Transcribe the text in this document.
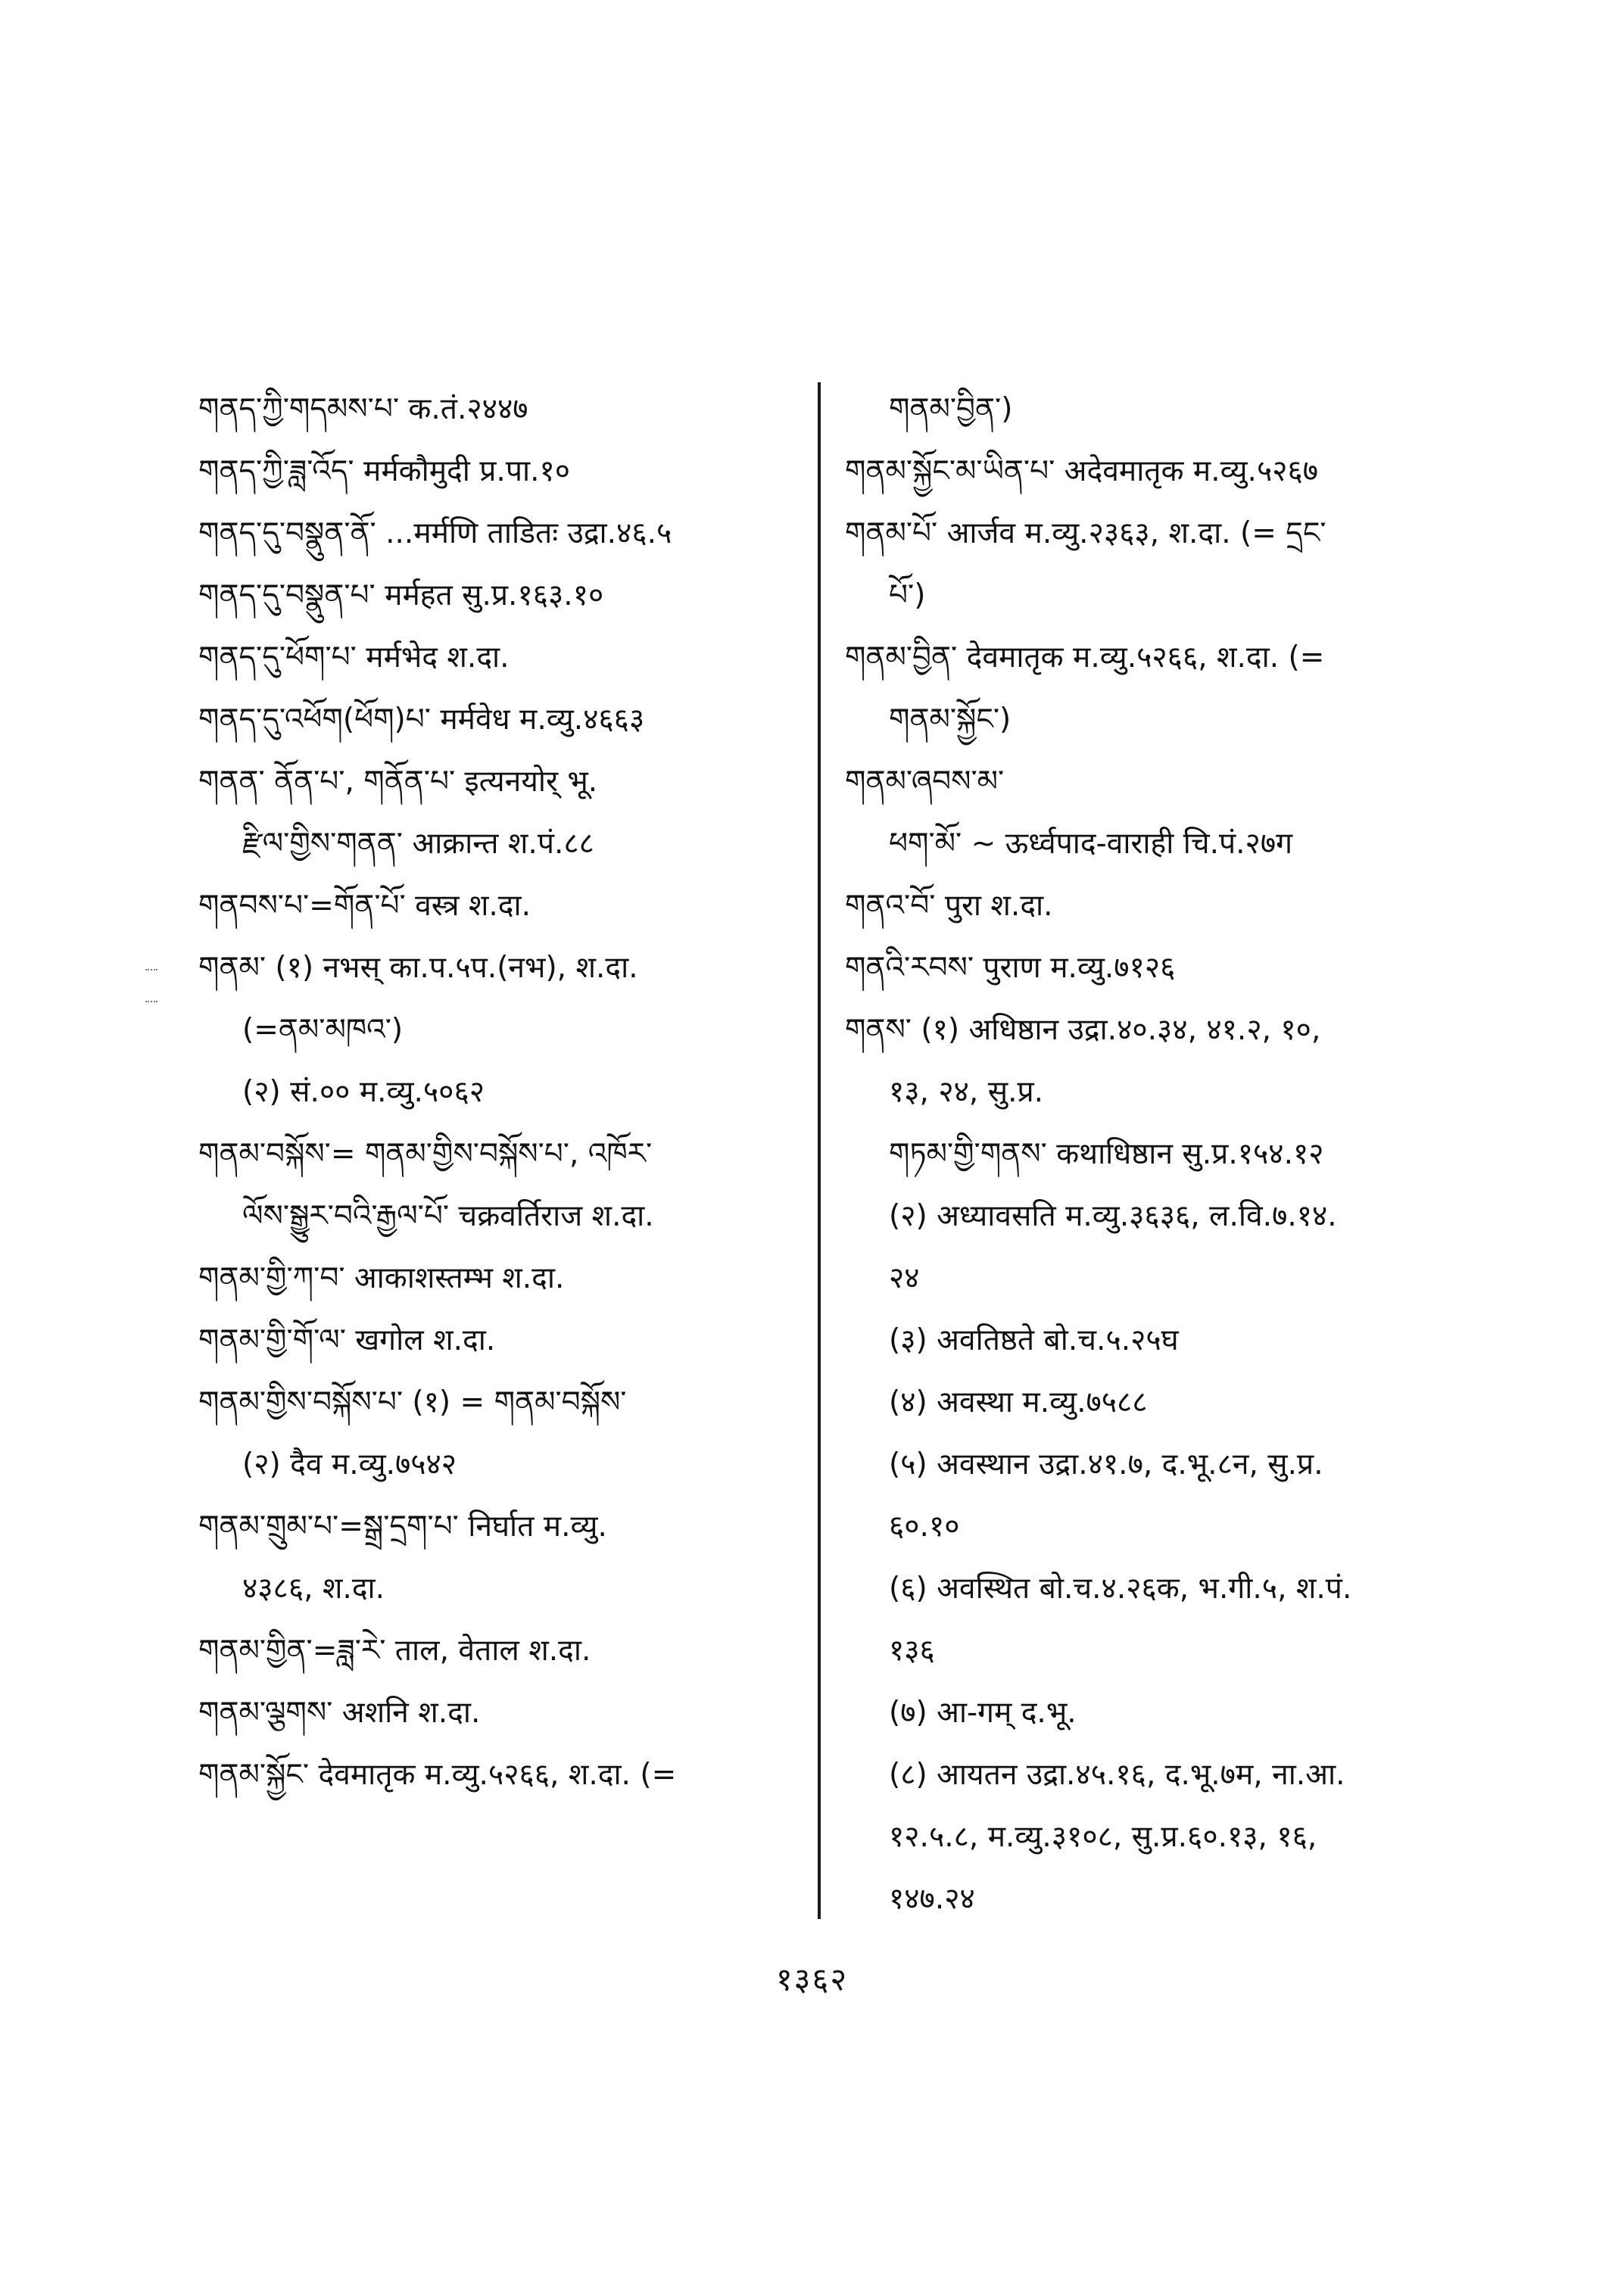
གནད་ཀྱི་གདམས་པ་ क.तं.२४४७

གནད་ཀྱི་ཟླ་འོད་ मर्मकौमुदी प्र.पा.१०

གནད་དུ་བསྣུན་ནོ་ ...मर्मणि ताडितः उद्रा.४६.५

གནད་དུ་བསྣུན་པ་ मर्महत सु.प्र.१६३.१०

གནད་དུ་ཕོག་པ་ मर्मभेद श.दा.

གནད་དུ་འཕོག(ཕོག)པ་ मर्मवेध म.व्यु.४६६३

གནན་ ནོན་པ་, གནོན་པ་ इत्यनयोर् भू.

རྫིལ་གྱིས་གནན་ आक्रान्त श.पं.८८

གནབས་པ་=གོན་པོ་ वस्त्र श.दा.

གནམ་ (१) नभस् का.प.५प.(नभ), श.दा.

(=ནམ་མཁའ་)

(२) सं.०० म.व्यु.५०६२

གནམ་བསྐོས་= གནམ་གྱིས་བསྐོས་པ་, འཁོར་

ལོས་སྒྱུར་བའི་རྒྱལ་པོ་ चक्रवर्तिराज श.दा.

གནམ་གྱི་ཀ་བ་ आकाशस्तम्भ श.दा.

གནམ་གྱི་གོ་ལ་ खगोल श.दा.

གནམ་གྱིས་བསྐོས་པ་ (१) = གནམ་བསྐོས་

(२) दैव म.व्यु.७५४२

གནམ་གྲུམ་པ་=སྒྲ་དྲག་པ་ निर्घात म.व्यु.

४३८६, श.दा.

གནམ་གྱིན་=ཟླ་རེ་ ताल, वेताल श.दा.

གནམ་ལྕགས་ अशनि श.दा.

གནམ་སྐྱོང་ देवमातृक म.व्यु.५२६६, श.दा. (=

གནམ་བྱིན་)

གནམ་སྐྱོང་མ་ཡིན་པ་ अदेवमातृक म.व्यु.५२६७

གནམ་པོ་ आर्जव म.व्यु.२३६३, श.दा. (= དྲང་

པོ་)

གནམ་བྱིན་ देवमातृक म.व्यु.५२६६, श.दा. (=

གནམ་སྐྱོང་)

གནམ་ཞབས་མ་

ཕག་མོ་ ~ ऊर्ध्वपाद-वाराही चि.पं.२७ग

གནའ་བོ་ पुरा श.दा.

གནའི་རབས་ पुराण म.व्यु.७१२६

གནས་ (१) अधिष्ठान उद्रा.४०.३४, ४१.२, १०,

१३, २४, सु.प्र.

གཏམ་གྱི་གནས་ कथाधिष्ठान सु.प्र.१५४.१२

(२) अध्यावसति म.व्यु.३६३६, ल.वि.७.१४.

२४

(३) अवतिष्ठते बो.च.५.२५घ

(४) अवस्था म.व्यु.७५८८

(५) अवस्थान उद्रा.४१.७, द.भू.८न, सु.प्र.

६०.१०

(६) अवस्थित बो.च.४.२६क, भ.गी.५, श.पं.

१३६

(७) आ-गम् द.भू.

(८) आयतन उद्रा.४५.१६, द.भू.७म, ना.आ.

१२.५.८, म.व्यु.३१०८, सु.प्र.६०.१३, १६,

१४७.२४

१३६२
